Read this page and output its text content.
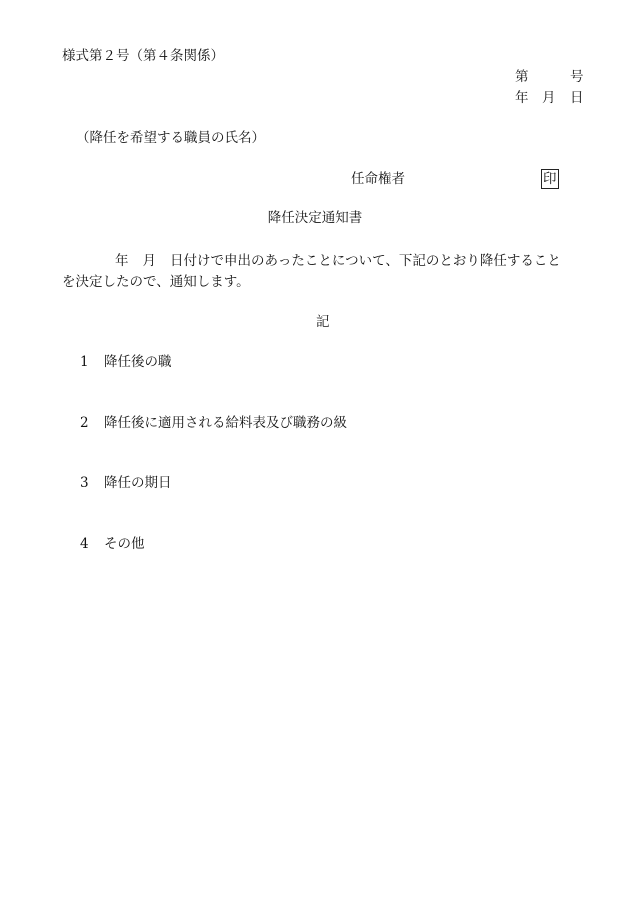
様式第２号（第４条関係）
第	号
年 月 日
（降任を希望する職員の氏名）
任命権者	印
降任決定通知書
年 月 日付けで申出のあったことについて、下記のとおり降任することを決定したので、通知します。
記
1 降任後の職
2 降任後に適用される給料表及び職務の級
3 降任の期日
4 その他
